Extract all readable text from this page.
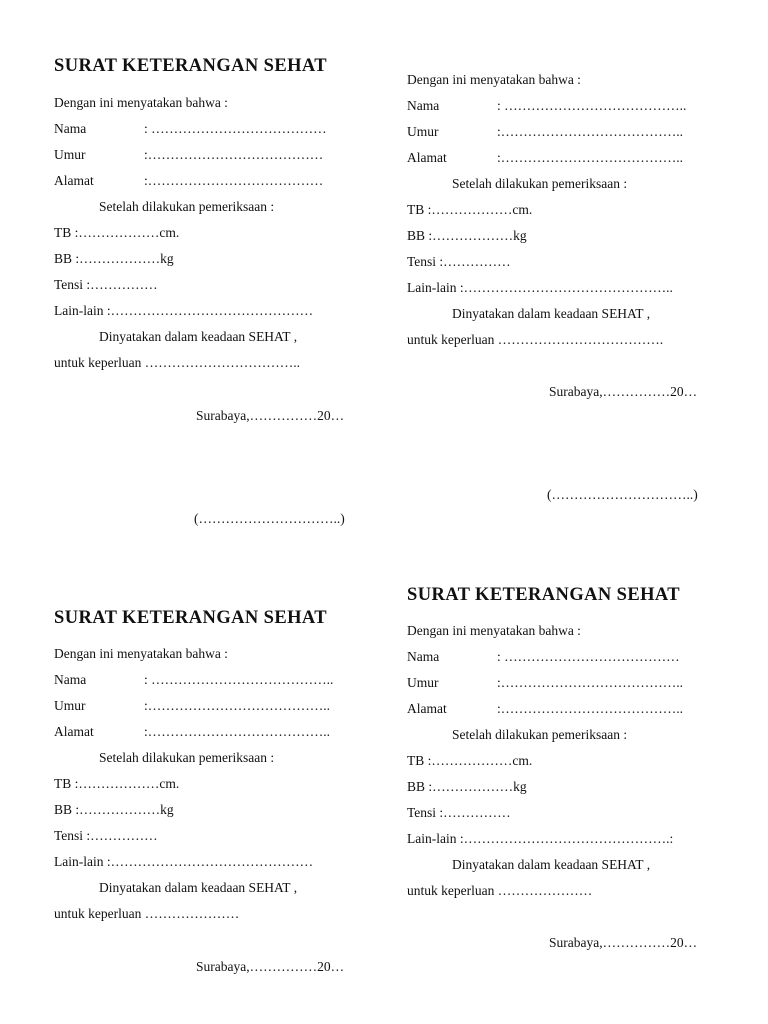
SURAT KETERANGAN SEHAT
Dengan ini menyatakan bahwa :
Nama	: …………………………………
Umur	:…………………………………
Alamat	:…………………………………
Setelah dilakukan pemeriksaan :
TB :………………cm.
BB :………………kg
Tensi :……………
Lain-lain :………………………………………
Dinyatakan dalam keadaan SEHAT ,
untuk keperluan ……………………………..
Surabaya,……………20…
(…………………………..)
Dengan ini menyatakan bahwa :
Nama	: …………………………………..
Umur	:…………………………………..
Alamat	:…………………………………..
Setelah dilakukan pemeriksaan :
TB :………………cm.
BB :………………kg
Tensi :……………
Lain-lain :………………………………………..
Dinyatakan dalam keadaan SEHAT ,
untuk keperluan ……………………………….
Surabaya,……………20…
(…………………………..)
SURAT KETERANGAN SEHAT
Dengan ini menyatakan bahwa :
Nama	: …………………………………..
Umur	:…………………………………..
Alamat	:…………………………………..
Setelah dilakukan pemeriksaan :
TB :………………cm.
BB :………………kg
Tensi :……………
Lain-lain :………………………………………
Dinyatakan dalam keadaan SEHAT ,
untuk keperluan …………………
Surabaya,……………20…
SURAT KETERANGAN SEHAT
Dengan ini menyatakan bahwa :
Nama	: …………………………………
Umur	:…………………………………..
Alamat	:…………………………………..
Setelah dilakukan pemeriksaan :
TB :………………cm.
BB :………………kg
Tensi :……………
Lain-lain :……………………………………….:
Dinyatakan dalam keadaan SEHAT ,
untuk keperluan …………………
Surabaya,……………20…
